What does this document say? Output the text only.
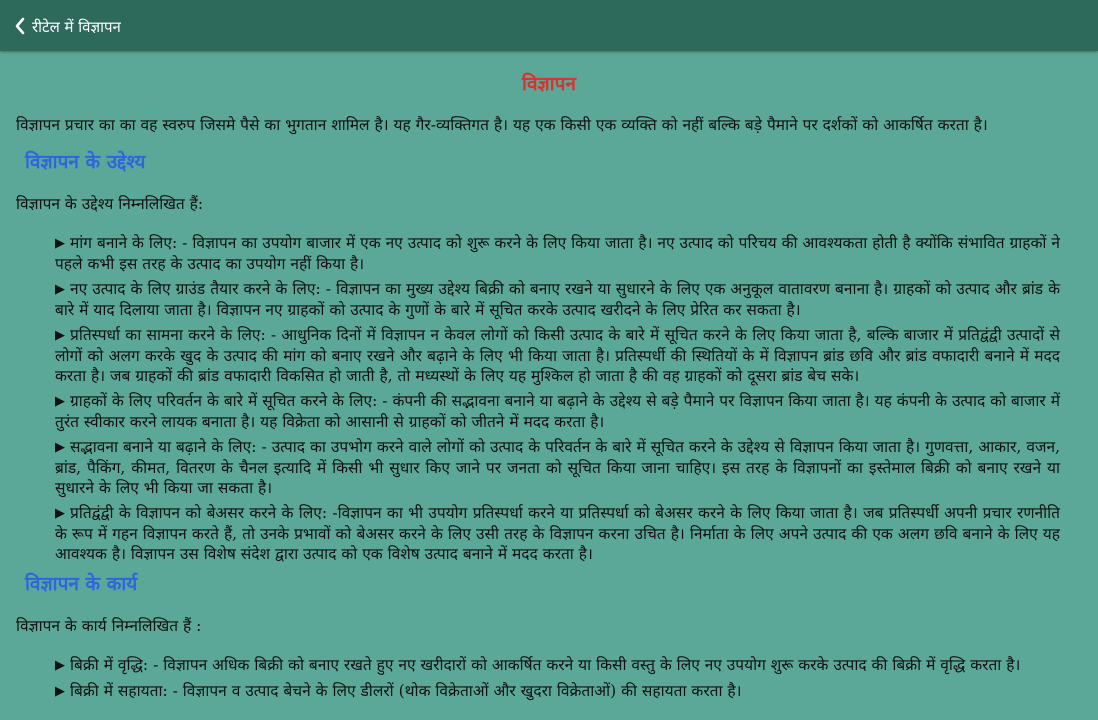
रीटेल में विज्ञापन
विज्ञापन

विज्ञापन प्रचार का का वह स्वरुप जिसमे पैसे का भुगतान शामिल है। यह गैर-व्यक्तिगत है। यह एक किसी एक व्यक्ति को नहीं बल्कि बड़े पैमाने पर दर्शकों को आकर्षित करता है।

विज्ञापन के उद्देश्य

विज्ञापन के उद्देश्य निम्नलिखित हैं:

▶ मांग बनाने के लिए: - विज्ञापन का उपयोग बाजार में एक नए उत्पाद को शुरू करने के लिए किया जाता है। नए उत्पाद को परिचय की आवश्यकता होती है क्योंकि संभावित ग्राहकों ने पहले कभी इस तरह के उत्पाद का उपयोग नहीं किया है।
▶ नए उत्पाद के लिए ग्राउंड तैयार करने के लिए: - विज्ञापन का मुख्य उद्देश्य बिक्री को बनाए रखने या सुधारने के लिए एक अनुकूल वातावरण बनाना है। ग्राहकों को उत्पाद और ब्रांड के बारे में याद दिलाया जाता है। विज्ञापन नए ग्राहकों को उत्पाद के गुणों के बारे में सूचित करके उत्पाद खरीदने के लिए प्रेरित कर सकता है।
▶ प्रतिस्पर्धा का सामना करने के लिए: - आधुनिक दिनों में विज्ञापन न केवल लोगों को किसी उत्पाद के बारे में सूचित करने के लिए किया जाता है, बल्कि बाजार में प्रतिद्वंद्वी उत्पादों से लोगों को अलग करके खुद के उत्पाद की मांग को बनाए रखने और बढ़ाने के लिए भी किया जाता है। प्रतिस्पर्धी की स्थितियों के में विज्ञापन ब्रांड छवि और ब्रांड वफादारी बनाने में मदद करता है। जब ग्राहकों की ब्रांड वफादारी विकसित हो जाती है, तो मध्यस्थों के लिए यह मुश्किल हो जाता है की वह ग्राहकों को दूसरा ब्रांड बेच सके।
▶ ग्राहकों के लिए परिवर्तन के बारे में सूचित करने के लिए: - कंपनी की सद्भावना बनाने या बढ़ाने के उद्देश्य से बड़े पैमाने पर विज्ञापन किया जाता है। यह कंपनी के उत्पाद को बाजार में तुरंत स्वीकार करने लायक बनाता है। यह विक्रेता को आसानी से ग्राहकों को जीतने में मदद करता है।
▶ सद्भावना बनाने या बढ़ाने के लिए: - उत्पाद का उपभोग करने वाले लोगों को उत्पाद के परिवर्तन के बारे में सूचित करने के उद्देश्य से विज्ञापन किया जाता है। गुणवत्ता, आकार, वजन, ब्रांड, पैकिंग, कीमत, वितरण के चैनल इत्यादि में किसी भी सुधार किए जाने पर जनता को सूचित किया जाना चाहिए। इस तरह के विज्ञापनों का इस्तेमाल बिक्री को बनाए रखने या सुधारने के लिए भी किया जा सकता है।
▶ प्रतिद्वंद्वी के विज्ञापन को बेअसर करने के लिए: -विज्ञापन का भी उपयोग प्रतिस्पर्धा करने या प्रतिस्पर्धा को बेअसर करने के लिए किया जाता है। जब प्रतिस्पर्धी अपनी प्रचार रणनीति के रूप में गहन विज्ञापन करते हैं, तो उनके प्रभावों को बेअसर करने के लिए उसी तरह के विज्ञापन करना उचित है। निर्माता के लिए अपने उत्पाद की एक अलग छवि बनाने के लिए यह आवश्यक है। विज्ञापन उस विशेष संदेश द्वारा उत्पाद को एक विशेष उत्पाद बनाने में मदद करता है।
विज्ञापन के कार्य

विज्ञापन के कार्य निम्नलिखित हैं :

▶ बिक्री में वृद्धि: - विज्ञापन अधिक बिक्री को बनाए रखते हुए नए खरीदारों को आकर्षित करने या किसी वस्तु के लिए नए उपयोग शुरू करके उत्पाद की बिक्री में वृद्धि करता है।
▶ बिक्री में सहायता: - विज्ञापन व उत्पाद बेचने के लिए डीलरों (थोक विक्रेताओं और खुदरा विक्रेताओं) की सहायता करता है।
